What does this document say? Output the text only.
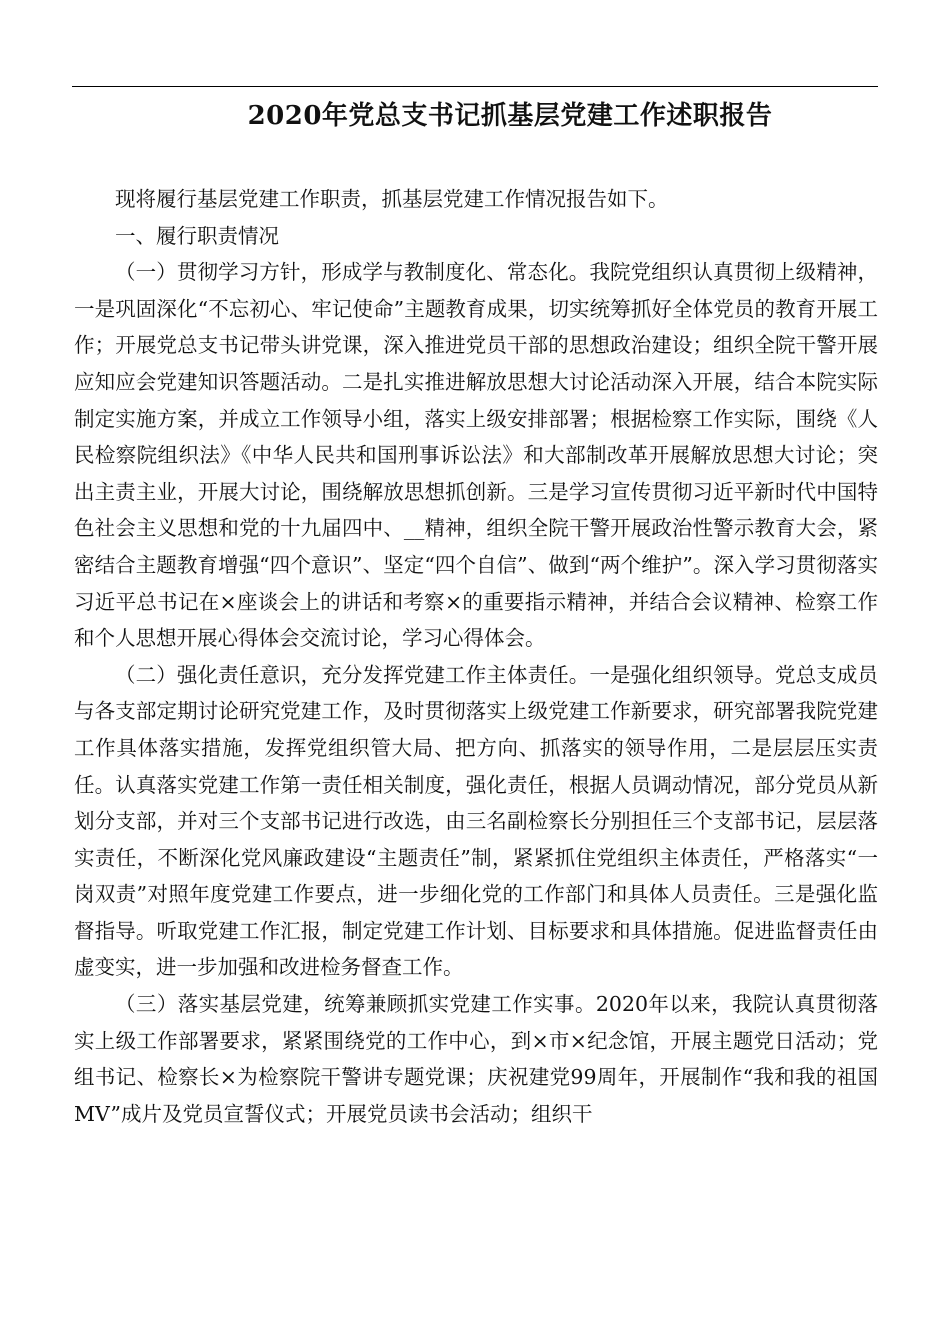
2020年党总支书记抓基层党建工作述职报告

现将履行基层党建工作职责，抓基层党建工作情况报告如下。

一、履行职责情况

（一）贯彻学习方针，形成学与教制度化、常态化。我院党组织认真贯彻上级精神，一是巩固深化“不忘初心、牢记使命”主题教育成果，切实统筹抓好全体党员的教育开展工作；开展党总支书记带头讲党课，深入推进党员干部的思想政治建设；组织全院干警开展应知应会党建知识答题活动。二是扎实推进解放思想大讨论活动深入开展，结合本院实际制定实施方案，并成立工作领导小组，落实上级安排部署；根据检察工作实际，围绕《人民检察院组织法》《中华人民共和国刑事诉讼法》和大部制改革开展解放思想大讨论；突出主责主业，开展大讨论，围绕解放思想抓创新。三是学习宣传贯彻习近平新时代中国特色社会主义思想和党的十九届四中、__精神，组织全院干警开展政治性警示教育大会，紧密结合主题教育增强“四个意识”、坚定“四个自信”、做到“两个维护”。深入学习贯彻落实习近平总书记在×座谈会上的讲话和考察×的重要指示精神，并结合会议精神、检察工作和个人思想开展心得体会交流讨论，学习心得体会。

（二）强化责任意识，充分发挥党建工作主体责任。一是强化组织领导。党总支成员与各支部定期讨论研究党建工作，及时贯彻落实上级党建工作新要求，研究部署我院党建工作具体落实措施，发挥党组织管大局、把方向、抓落实的领导作用，二是层层压实责任。认真落实党建工作第一责任相关制度，强化责任，根据人员调动情况，部分党员从新划分支部，并对三个支部书记进行改选，由三名副检察长分别担任三个支部书记，层层落实责任，不断深化党风廉政建设“主题责任”制，紧紧抓住党组织主体责任，严格落实“一岗双责”对照年度党建工作要点，进一步细化党的工作部门和具体人员责任。三是强化监督指导。听取党建工作汇报，制定党建工作计划、目标要求和具体措施。促进监督责任由虚变实，进一步加强和改进检务督查工作。

（三）落实基层党建，统筹兼顾抓实党建工作实事。2020年以来，我院认真贯彻落实上级工作部署要求，紧紧围绕党的工作中心，到×市×纪念馆，开展主题党日活动；党组书记、检察长×为检察院干警讲专题党课；庆祝建党99周年，开展制作“我和我的祖国MV”成片及党员宣誓仪式；开展党员读书会活动；组织干
